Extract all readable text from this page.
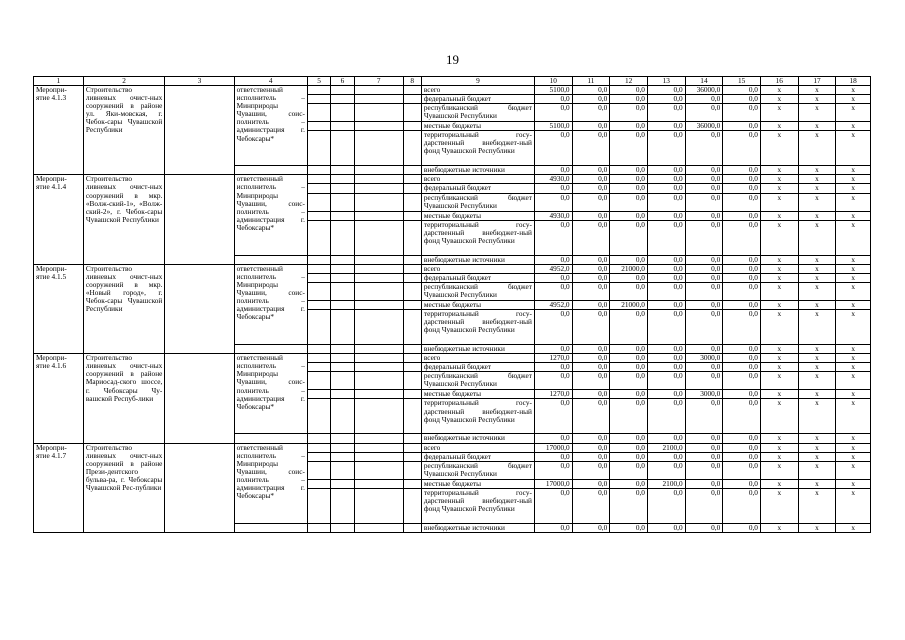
19
1	2	3	4	5	6	7	8	9	10	11	12	13	14	15	16	17	18
Меропри-
ятие 4.1.3	Строительство ливневых очист-ных сооружений в районе ул. Яки-мовская, г. Чебок-сары Чувашской Республики		ответственный исполнитель – Минприроды Чувашии, соис-полнитель – администрация г. Чебоксары*					всего	5100,0	0,0	0,0	0,0	36000,0	0,0	х	х	х
								федеральный бюджет	0,0	0,0	0,0	0,0	0,0	0,0	х	х	х
								республиканский бюджет Чувашской Республики	0,0	0,0	0,0	0,0	0,0	0,0	х	х	х
								местные бюджеты	5100,0	0,0	0,0	0,0	36000,0	0,0	х	х	х
								территориальный госу-дарственный внебюджет-ный фонд Чувашской Республики	0,0	0,0	0,0	0,0	0,0	0,0	х	х	х
								внебюджетные источники	0,0	0,0	0,0	0,0	0,0	0,0	х	х	х
Меропри-
ятие 4.1.4	Строительство ливневых очист-ных сооружений в мкр. «Волж-ский-1», «Волж-ский-2», г. Чебок-сары Чувашской Республики		ответственный исполнитель – Минприроды Чувашии, соис-полнитель – администрация г. Чебоксары*					всего	4930,0	0,0	0,0	0,0	0,0	0,0	х	х	х
								федеральный бюджет	0,0	0,0	0,0	0,0	0,0	0,0	х	х	х
								республиканский бюджет Чувашской Республики	0,0	0,0	0,0	0,0	0,0	0,0	х	х	х
								местные бюджеты	4930,0	0,0	0,0	0,0	0,0	0,0	х	х	х
								территориальный госу-дарственный внебюджет-ный фонд Чувашской Республики	0,0	0,0	0,0	0,0	0,0	0,0	х	х	х
								внебюджетные источники	0,0	0,0	0,0	0,0	0,0	0,0	х	х	х
Меропри-
ятие 4.1.5	Строительство ливневых очист-ных сооружений в мкр. «Новый город», г. Чебок-сары Чувашской Республики		ответственный исполнитель – Минприроды Чувашии, соис-полнитель – администрация г. Чебоксары*					всего	4952,0	0,0	21000,0	0,0	0,0	0,0	х	х	х
								федеральный бюджет	0,0	0,0	0,0	0,0	0,0	0,0	х	х	х
								республиканский бюджет Чувашской Республики	0,0	0,0	0,0	0,0	0,0	0,0	х	х	х
								местные бюджеты	4952,0	0,0	21000,0	0,0	0,0	0,0	х	х	х
								территориальный госу-дарственный внебюджет-ный фонд Чувашской Республики	0,0	0,0	0,0	0,0	0,0	0,0	х	х	х
								внебюджетные источники	0,0	0,0	0,0	0,0	0,0	0,0	х	х	х
Меропри-
ятие 4.1.6	Строительство ливневых очист-ных сооружений в районе Мариосад-ского шоссе, г. Чебоксары Чу-вашской Респуб-лики		ответственный исполнитель – Минприроды Чувашии, соис-полнитель – администрация г. Чебоксары*					всего	1270,0	0,0	0,0	0,0	3000,0	0,0	х	х	х
								федеральный бюджет	0,0	0,0	0,0	0,0	0,0	0,0	х	х	х
								республиканский бюджет Чувашской Республики	0,0	0,0	0,0	0,0	0,0	0,0	х	х	х
								местные бюджеты	1270,0	0,0	0,0	0,0	3000,0	0,0	х	х	х
								территориальный госу-дарственный внебюджет-ный фонд Чувашской Республики	0,0	0,0	0,0	0,0	0,0	0,0	х	х	х
								внебюджетные источники	0,0	0,0	0,0	0,0	0,0	0,0	х	х	х
Меропри-
ятие 4.1.7	Строительство ливневых очист-ных сооружений в районе Прези-дентского бульва-ра, г. Чебоксары Чувашской Рес-публики		ответственный исполнитель – Минприроды Чувашии, соис-полнитель – администрация г. Чебоксары*					всего	17000,0	0,0	0,0	2100,0	0,0	0,0	х	х	х
								федеральный бюджет	0,0	0,0	0,0	0,0	0,0	0,0	х	х	х
								республиканский бюджет Чувашской Республики	0,0	0,0	0,0	0,0	0,0	0,0	х	х	х
								местные бюджеты	17000,0	0,0	0,0	2100,0	0,0	0,0	х	х	х
								территориальный госу-дарственный внебюджет-ный фонд Чувашской Республики	0,0	0,0	0,0	0,0	0,0	0,0	х	х	х
								внебюджетные источники	0,0	0,0	0,0	0,0	0,0	0,0	х	х	х
